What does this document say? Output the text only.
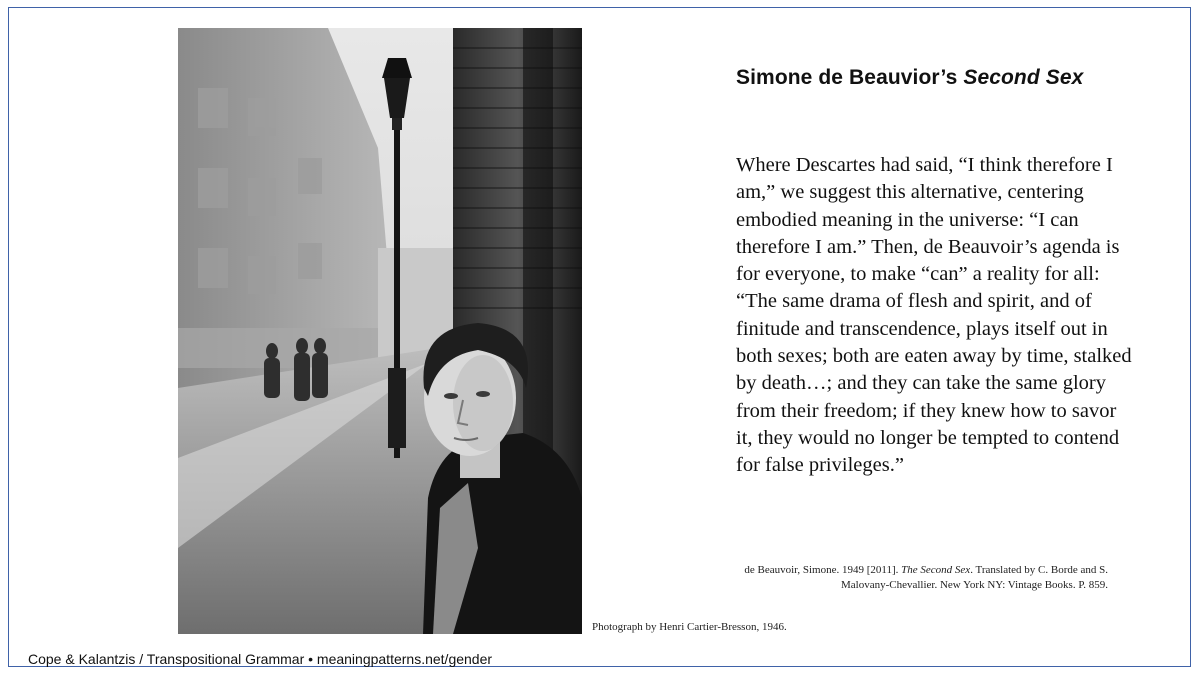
Photograph by Henri Cartier-Bresson, 1946.
Simone de Beauvior’s Second Sex

Where Descartes had said, “I think therefore I am,” we suggest this alternative, centering embodied meaning in the universe: “I can therefore I am.” Then, de Beauvoir’s agenda is for everyone, to make “can” a reality for all: “The same drama of flesh and spirit, and of finitude and transcendence, plays itself out in both sexes; both are eaten away by time, stalked by death…; and they can take the same glory from their freedom; if they knew how to savor it, they would no longer be tempted to contend for false privileges.”

de Beauvoir, Simone. 1949 [2011]. The Second Sex. Translated by C. Borde and S. Malovany-Chevallier. New York NY: Vintage Books. P. 859.

Cope & Kalantzis / Transpositional Grammar • meaningpatterns.net/gender
